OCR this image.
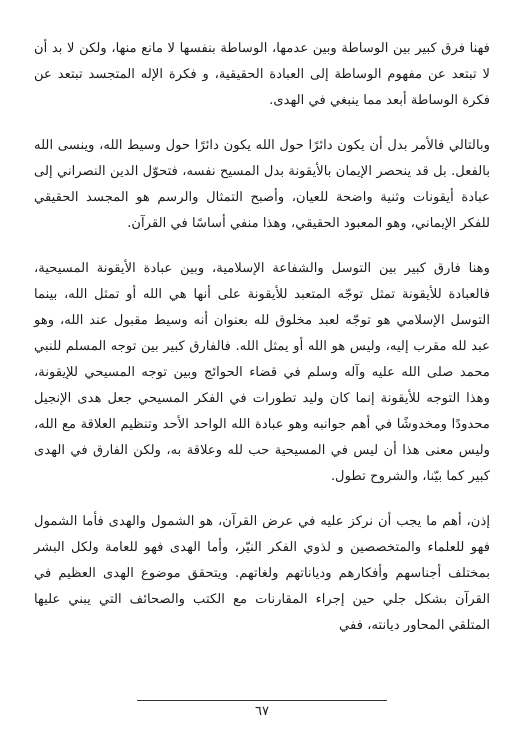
فهنا فرق كبير بين الوساطة وبين عدمها، الوساطة بنفسها لا مانع منها، ولكن لا بد أن لا تبتعد عن مفهوم الوساطة إلى العبادة الحقيقية، و فكرة الإله المتجسد تبتعد عن فكرة الوساطة أبعد مما ينبغي في الهدى.

وبالتالي فالأمر بدل أن يكون دائرًا حول الله يكون دائرًا حول وسيط الله، وينسى الله بالفعل. بل قد ينحصر الإيمان بالأيقونة بدل المسيح نفسه، فتحوّل الدين النصراني إلى عبادة أيقونات وثنية واضحة للعيان، وأصبح التمثال والرسم هو المجسد الحقيقي للفكر الإيماني، وهو المعبود الحقيقي، وهذا منفي أساسًا في القرآن.

وهنا فارق كبير بين التوسل والشفاعة الإسلامية، وبين عبادة الأيقونة المسيحية، فالعبادة للأيقونة تمثل توجّه المتعبد للأيقونة على أنها هي الله أو تمثل الله، بينما التوسل الإسلامي هو توجّه لعبد مخلوق لله بعنوان أنه وسيط مقبول عند الله، وهو عبد لله مقرب إليه، وليس هو الله أو يمثل الله. فالفارق كبير بين توجه المسلم للنبي محمد صلى الله عليه وآله وسلم في قضاء الحوائج وبين توجه المسيحي للإيقونة، وهذا التوجه للأيقونة إنما كان وليد تطورات في الفكر المسيحي جعل هدى الإنجيل محدودًا ومخدوشًا في أهم جوانبه وهو عبادة الله الواحد الأحد وتنظيم العلاقة مع الله، وليس معنى هذا أن ليس في المسيحية حب لله وعلاقة به، ولكن الفارق في الهدى كبير كما بيّنا، والشروح تطول.

إذن، أهم ما يجب أن نركز عليه في عرض القرآن، هو الشمول والهدى فأما الشمول فهو للعلماء والمتخصصين و لذوي الفكر النيّر، وأما الهدى فهو للعامة ولكل البشر بمختلف أجناسهم وأفكارهم ودياناتهم ولغاتهم. ويتحقق موضوع الهدى العظيم في القرآن بشكل جلي حين إجراء المقارنات مع الكتب والصحائف التي يبني عليها المتلقي المحاور ديانته، ففي

٦٧
